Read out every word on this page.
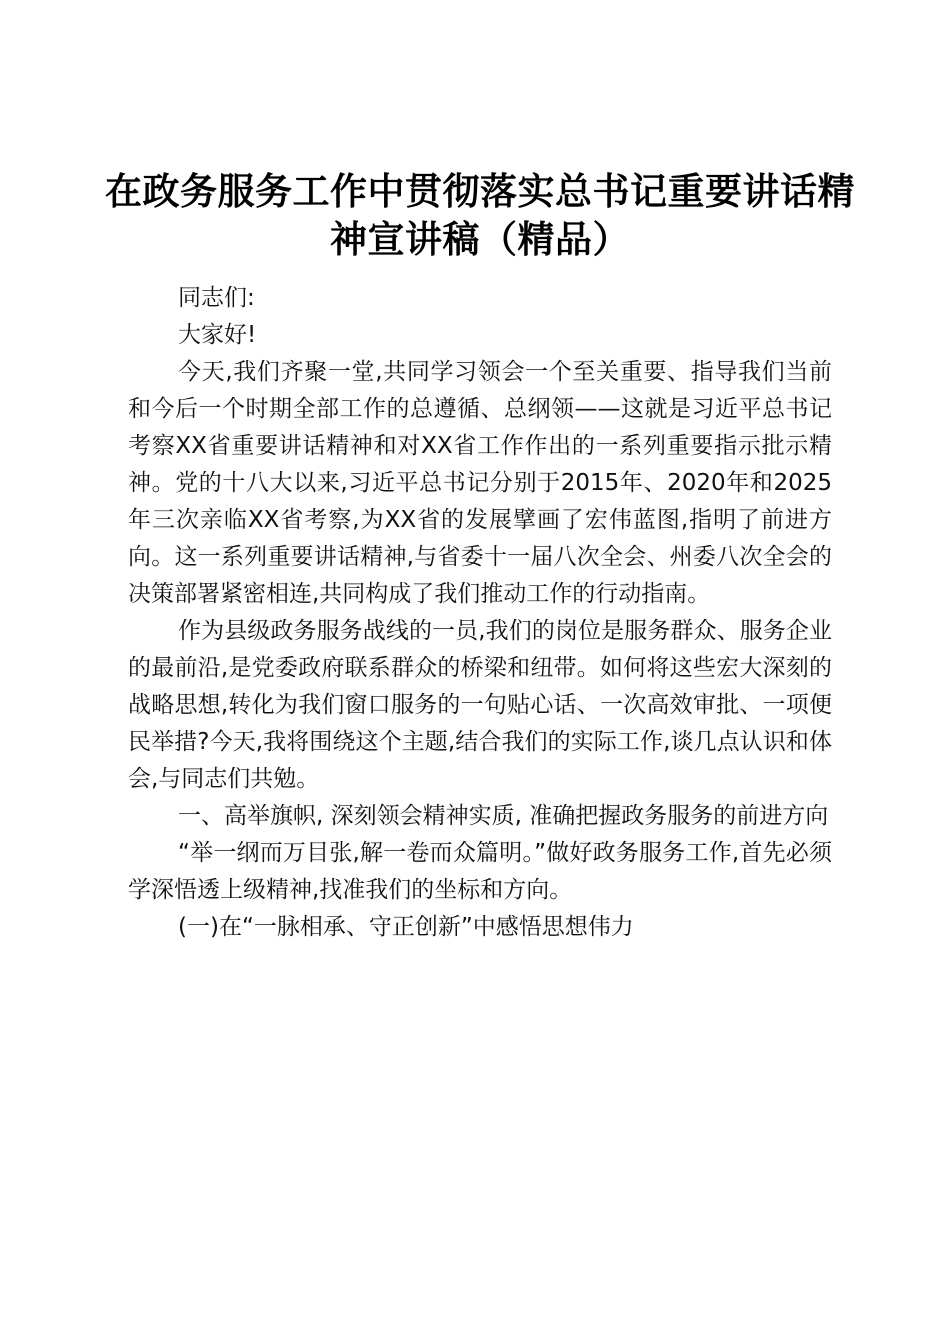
在政务服务工作中贯彻落实总书记重要讲话精神宣讲稿（精品）

同志们:

大家好!

今天,我们齐聚一堂,共同学习领会一个至关重要、指导我们当前和今后一个时期全部工作的总遵循、总纲领——这就是习近平总书记考察XX省重要讲话精神和对XX省工作作出的一系列重要指示批示精神。党的十八大以来,习近平总书记分别于2015年、2020年和2025年三次亲临XX省考察,为XX省的发展擘画了宏伟蓝图,指明了前进方向。这一系列重要讲话精神,与省委十一届八次全会、州委八次全会的决策部署紧密相连,共同构成了我们推动工作的行动指南。

作为县级政务服务战线的一员,我们的岗位是服务群众、服务企业的最前沿,是党委政府联系群众的桥梁和纽带。如何将这些宏大深刻的战略思想,转化为我们窗口服务的一句贴心话、一次高效审批、一项便民举措?今天,我将围绕这个主题,结合我们的实际工作,谈几点认识和体会,与同志们共勉。

一、高举旗帜, 深刻领会精神实质, 准确把握政务服务的前进方向

“举一纲而万目张,解一卷而众篇明。”做好政务服务工作,首先必须学深悟透上级精神,找准我们的坐标和方向。

(一)在“一脉相承、守正创新”中感悟思想伟力
